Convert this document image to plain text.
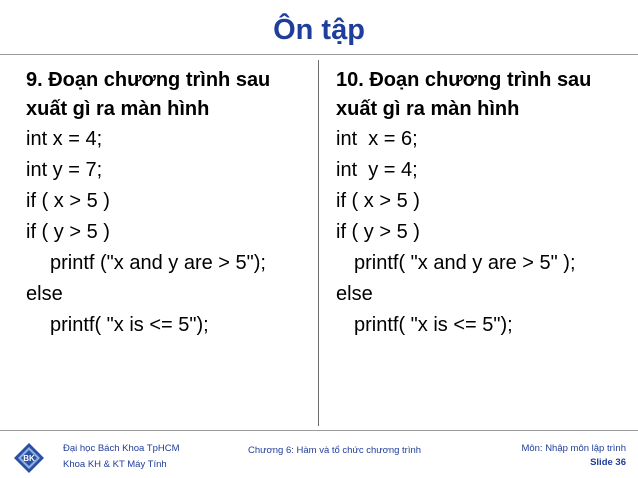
Ôn tập

9. Đoạn chương trình sau

xuất gì ra màn hình

int x = 4;

int y = 7;

if ( x > 5 )

if ( y > 5 )

printf ("x and y are > 5");

else

printf( "x is <= 5");

10. Đoạn chương trình sau

xuất gì ra màn hình

int  x = 6;

int  y = 4;

if ( x > 5 )

if ( y > 5 )

printf( "x and y are > 5" );

else

printf( "x is <= 5");

BK
Đại học Bách Khoa TpHCM
Khoa KH & KT Máy Tính
Chương 6: Hàm và tổ chức chương trình	Môn: Nhập môn lập trình
Slide 36
